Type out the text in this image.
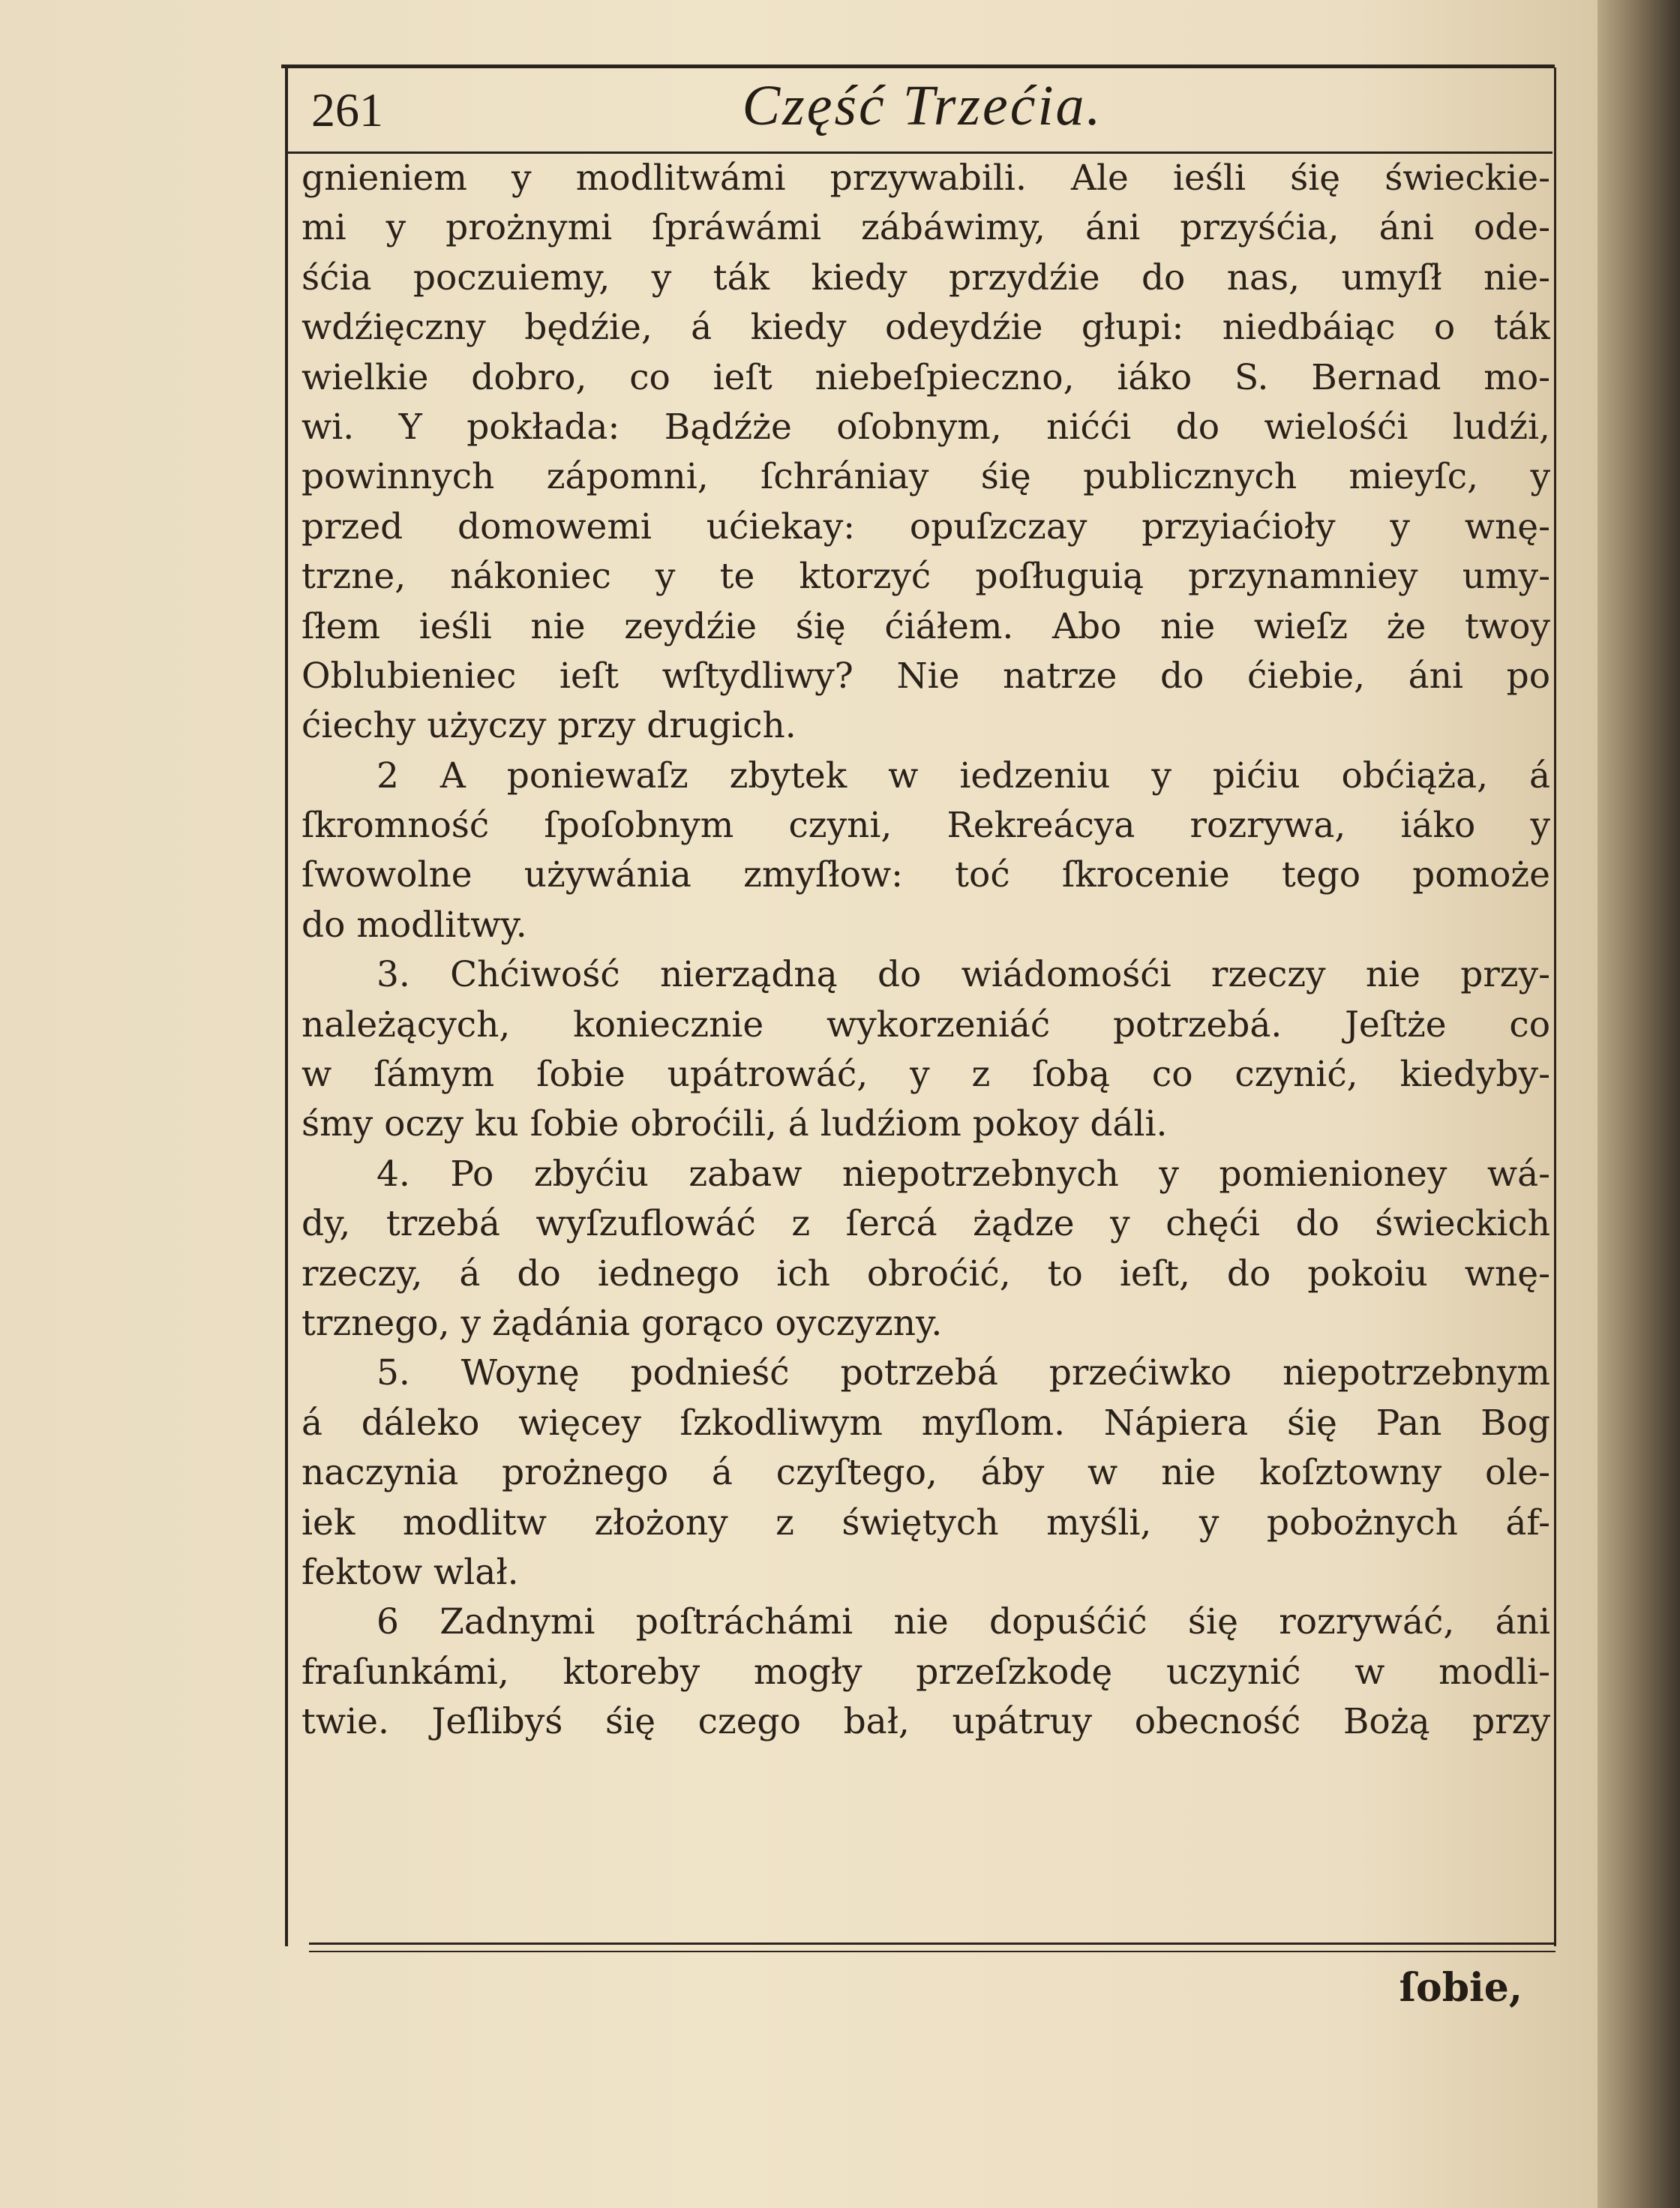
261	Część Trzećia.
gnieniem y modlitwámi przywabili. Ale ieśli śię świeckie-
mi y prożnymi ſpráwámi zábáwimy, áni przyśćia, áni ode-
śćia poczuiemy, y ták kiedy przydźie do nas, umyſł nie-
wdźięczny będźie, á kiedy odeydźie głupi: niedbáiąc o ták
wielkie dobro, co ieſt niebeſpieczno, iáko S. Bernad mo-
wi. Y pokłada: Bądźże oſobnym, nićći do wielośći ludźi,
powinnych zápomni, ſchrániay śię publicznych mieyſc, y
przed domowemi ućiekay: opuſzczay przyiaćioły y wnę-
trzne, nákoniec y te ktorzyć poſługuią przynamniey umy-
ſłem ieśli nie zeydźie śię ćiáłem. Abo nie wieſz że twoy
Oblubieniec ieſt wſtydliwy? Nie natrze do ćiebie, áni po
ćiechy użyczy przy drugich.
2 A poniewaſz zbytek w iedzeniu y pićiu obćiąża, á
ſkromność ſpoſobnym czyni, Rekreácya rozrywa, iáko y
ſwowolne używánia zmyſłow: toć ſkrocenie tego pomoże
do modlitwy.
3. Chćiwość nierządną do wiádomośći rzeczy nie przy-
należących, koniecznie wykorzeniáć potrzebá. Jeſtże co
w ſámym ſobie upátrowáć, y z ſobą co czynić, kiedyby-
śmy oczy ku ſobie obroćili, á ludźiom pokoy dáli.
4. Po zbyćiu zabaw niepotrzebnych y pomienioney wá-
dy, trzebá wyſzuflowáć z ſercá żądze y chęći do świeckich
rzeczy, á do iednego ich obroćić, to ieſt, do pokoiu wnę-
trznego, y żądánia gorąco oyczyzny.
5. Woynę podnieść potrzebá przećiwko niepotrzebnym
á dáleko więcey ſzkodliwym myſlom. Nápiera śię Pan Bog
naczynia prożnego á czyſtego, áby w nie koſztowny ole-
iek modlitw złożony z świętych myśli, y pobożnych áf-
fektow wlał.
6 Zadnymi poſtráchámi nie dopuśćić śię rozrywáć, áni
fraſunkámi, ktoreby mogły przeſzkodę uczynić w modli-
twie. Jeſlibyś śię czego bał, upátruy obecność Bożą przy
ſobie,
